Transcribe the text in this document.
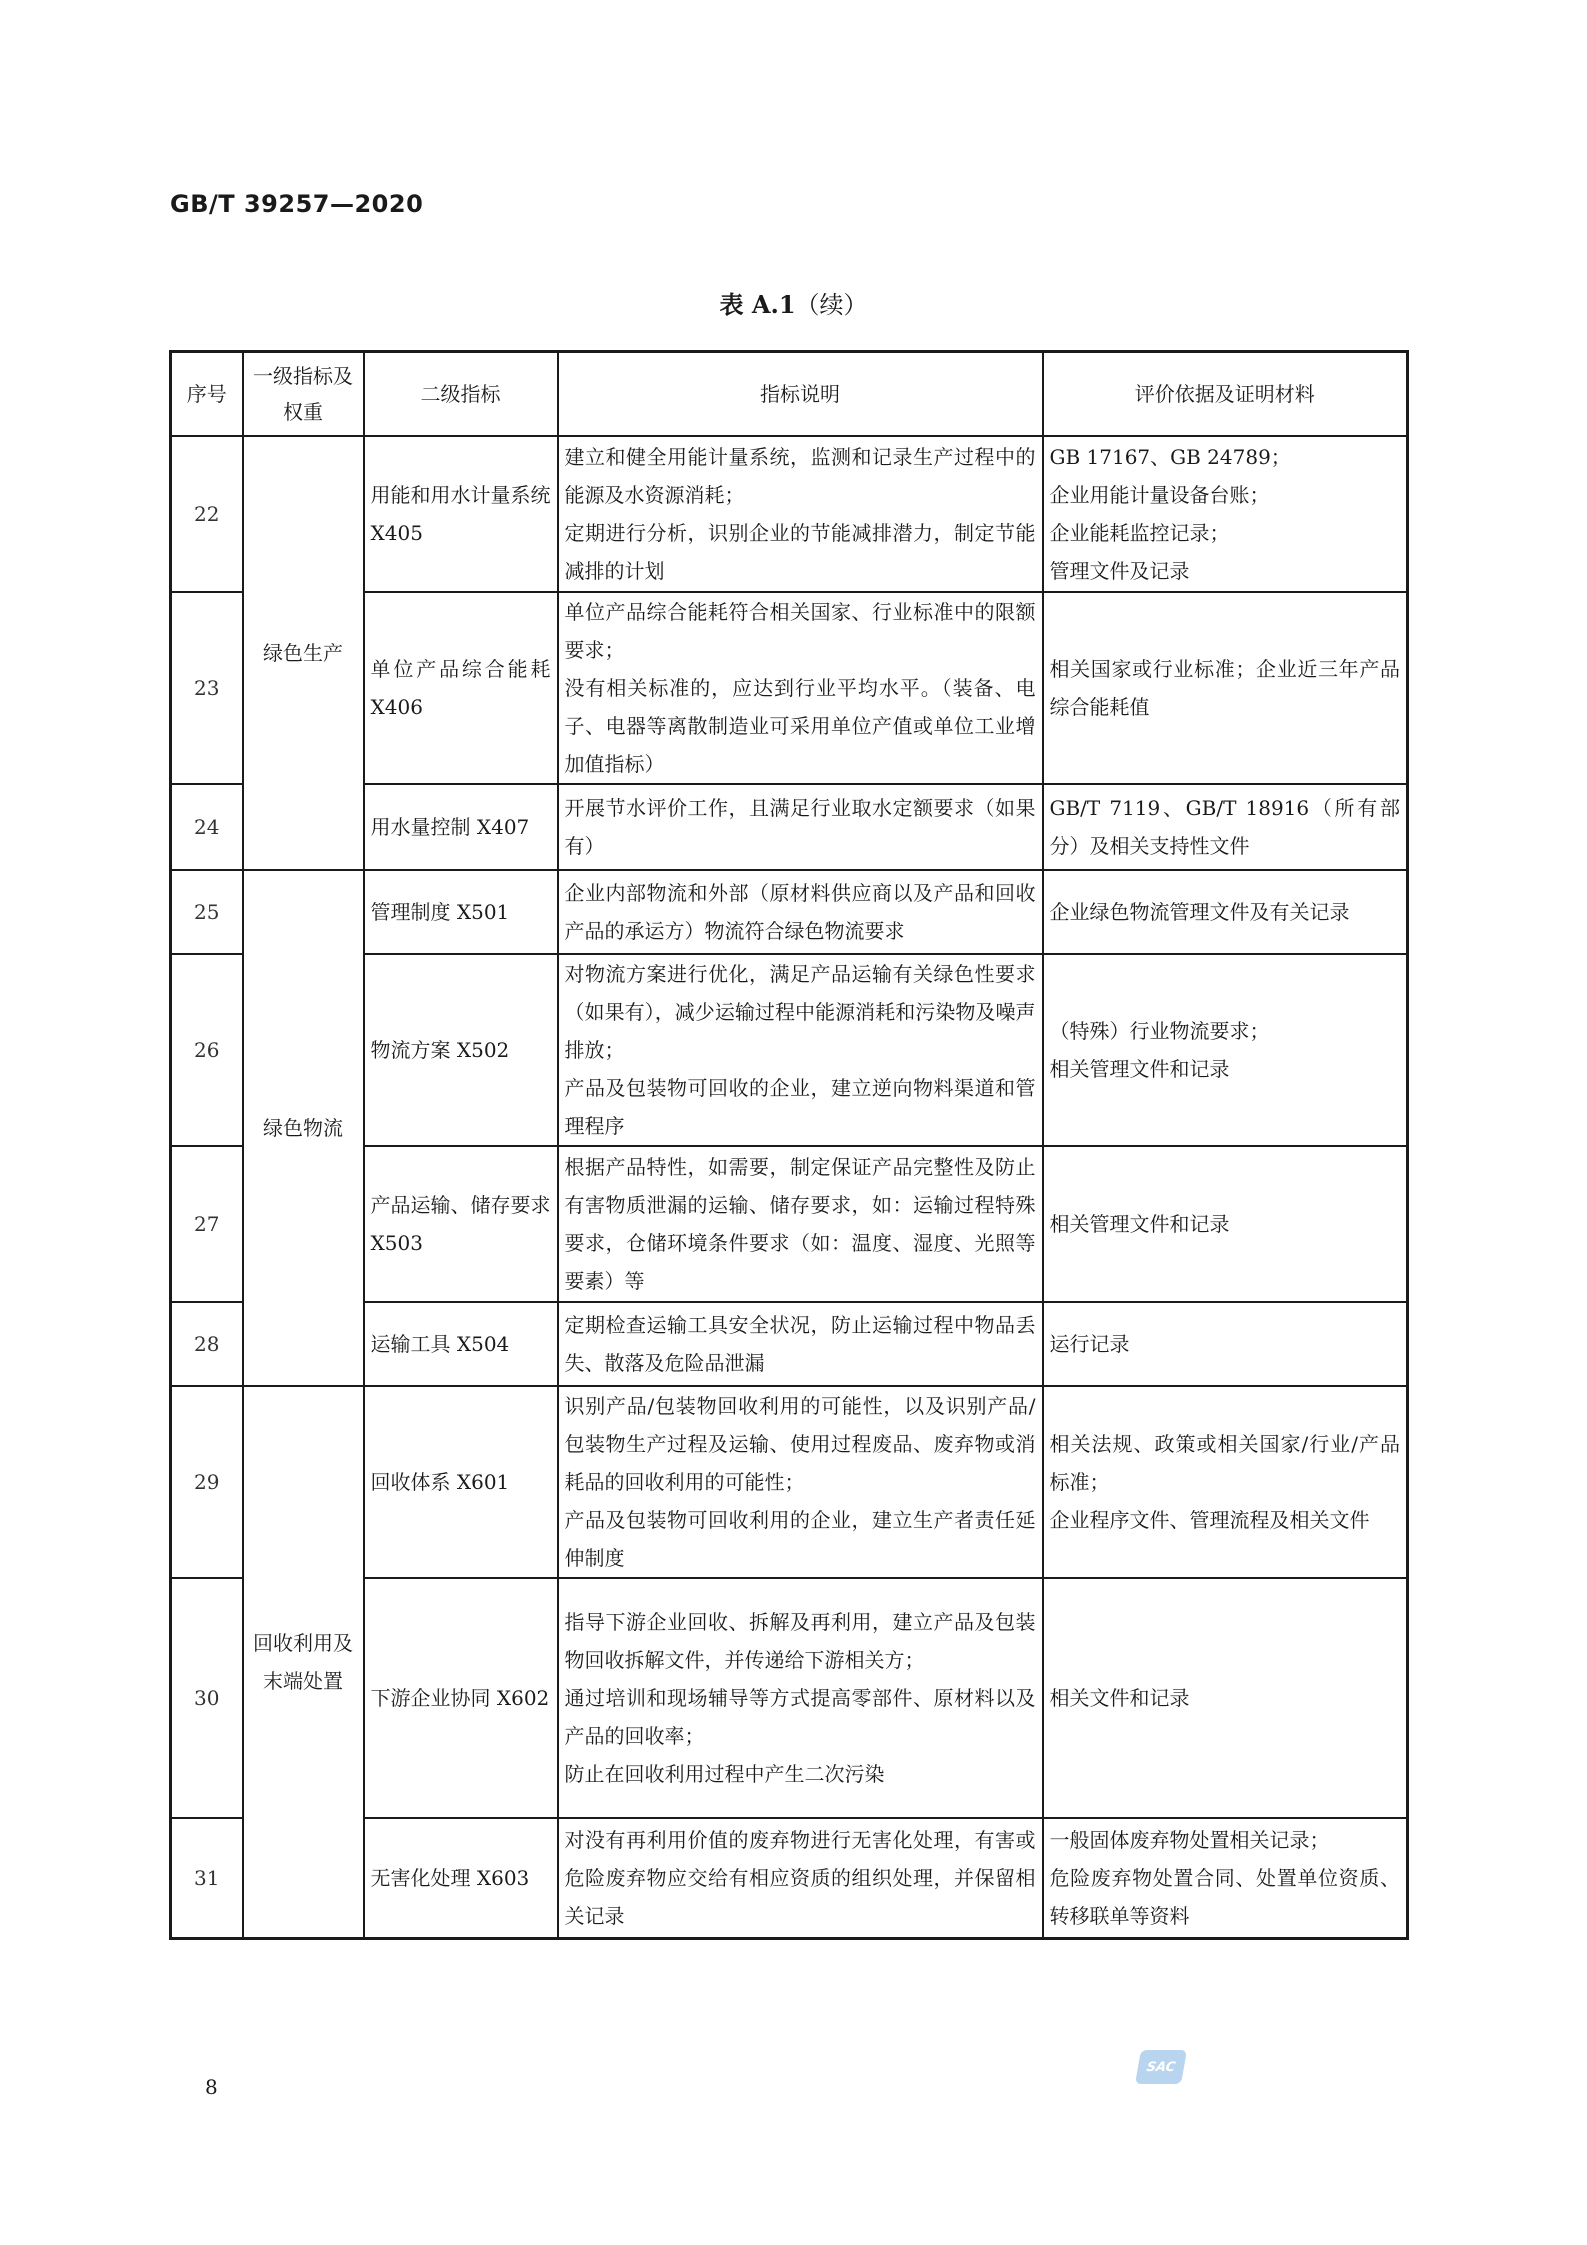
GB/T 39257—2020
表 A.1（续）
序号	一级指标及权重	二级指标	指标说明	评价依据及证明材料
22	绿色生产	用能和用水计量系统 X405	建立和健全用能计量系统，监测和记录生产过程中的能源及水资源消耗；
定期进行分析，识别企业的节能减排潜力，制定节能减排的计划	GB 17167、GB 24789；
企业用能计量设备台账；
企业能耗监控记录；
管理文件及记录

23		单位产品综合能耗 X406	单位产品综合能耗符合相关国家、行业标准中的限额要求；
没有相关标准的，应达到行业平均水平。（装备、电子、电器等离散制造业可采用单位产值或单位工业增加值指标）	相关国家或行业标准；企业近三年产品综合能耗值

24		用水量控制 X407	开展节水评价工作，且满足行业取水定额要求（如果有）	GB/T 7119、GB/T 18916（所有部分）及相关支持性文件

25	绿色物流	管理制度 X501	企业内部物流和外部（原材料供应商以及产品和回收产品的承运方）物流符合绿色物流要求	企业绿色物流管理文件及有关记录

26		物流方案 X502	对物流方案进行优化，满足产品运输有关绿色性要求（如果有），减少运输过程中能源消耗和污染物及噪声排放；
产品及包装物可回收的企业，建立逆向物料渠道和管理程序	（特殊）行业物流要求；
相关管理文件和记录

27		产品运输、储存要求 X503	根据产品特性，如需要，制定保证产品完整性及防止有害物质泄漏的运输、储存要求，如：运输过程特殊要求，仓储环境条件要求（如：温度、湿度、光照等要素）等	相关管理文件和记录

28		运输工具 X504	定期检查运输工具安全状况，防止运输过程中物品丢失、散落及危险品泄漏	运行记录

29	回收利用及末端处置	回收体系 X601	识别产品/包装物回收利用的可能性，以及识别产品/包装物生产过程及运输、使用过程废品、废弃物或消耗品的回收利用的可能性；
产品及包装物可回收利用的企业，建立生产者责任延伸制度	相关法规、政策或相关国家/行业/产品标准；
企业程序文件、管理流程及相关文件

30		下游企业协同 X602	指导下游企业回收、拆解及再利用，建立产品及包装物回收拆解文件，并传递给下游相关方；
通过培训和现场辅导等方式提高零部件、原材料以及产品的回收率；
防止在回收利用过程中产生二次污染	相关文件和记录

31		无害化处理 X603	对没有再利用价值的废弃物进行无害化处理，有害或危险废弃物应交给有相应资质的组织处理，并保留相关记录	一般固体废弃物处置相关记录；
危险废弃物处置合同、处置单位资质、转移联单等资料
8
SAC
